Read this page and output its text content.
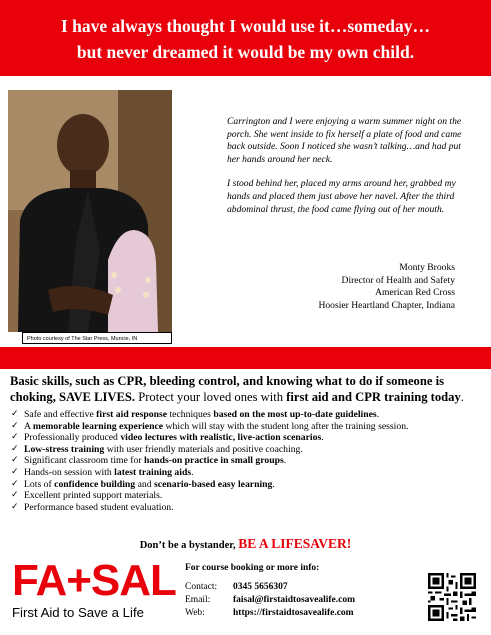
I have always thought I would use it…someday…
but never dreamed it would be my own child.
Photo courtesy of The Star Press, Muncie, IN

Carrington and I were enjoying a warm summer night on the porch. She went inside to fix herself a plate of food and came back outside. Soon I noticed she wasn’t talking…and had put her hands around her neck.

I stood behind her, placed my arms around her, grabbed my hands and placed them just above her navel. After the third abdominal thrust, the food came flying out of her mouth.

Monty Brooks
Director of Health and Safety
American Red Cross
Hoosier Heartland Chapter, Indiana
Basic skills, such as CPR, bleeding control, and knowing what to do if someone is choking, SAVE LIVES. Protect your loved ones with first aid and CPR training today.
✓ Safe and effective first aid response techniques based on the most up-to-date guidelines.
✓ A memorable learning experience which will stay with the student long after the training session.
✓ Professionally produced video lectures with realistic, live-action scenarios.
✓ Low-stress training with user friendly materials and positive coaching.
✓ Significant classroom time for hands-on practice in small groups.
✓ Hands-on session with latest training aids.
✓ Lots of confidence building and scenario-based easy learning.
✓ Excellent printed support materials.
✓ Performance based student evaluation.
Don’t be a bystander, BE A LIFESAVER!
FA+SAL
First Aid to Save a Life
For course booking or more info:
Contact: 0345 5656307
Email: faisal@firstaidtosavealife.com
Web:	https://firstaidtosavealife.com
